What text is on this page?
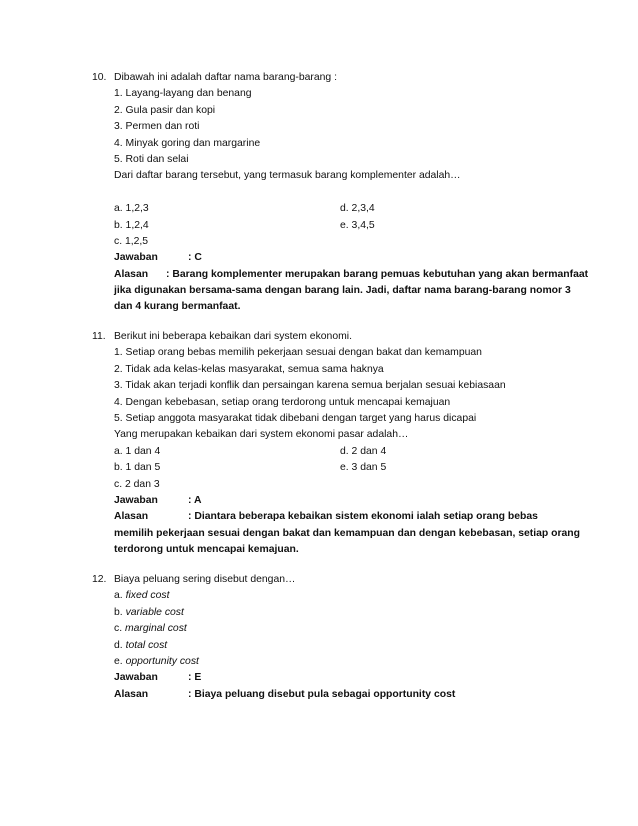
10. Dibawah ini adalah daftar nama barang-barang :
1. Layang-layang dan benang
2. Gula pasir dan kopi
3. Permen dan roti
4. Minyak goring dan margarine
5. Roti dan selai
Dari daftar barang tersebut, yang termasuk barang komplementer adalah…
a. 1,2,3	d. 2,3,4
b. 1,2,4	e. 3,4,5
c. 1,2,5
Jawaban	: C
Alasan : Barang komplementer merupakan barang pemuas kebutuhan yang akan bermanfaat
jika digunakan bersama-sama dengan barang lain. Jadi, daftar nama barang-barang nomor 3
dan 4 kurang bermanfaat.
11. Berikut ini beberapa kebaikan dari system ekonomi.
1. Setiap orang bebas memilih pekerjaan sesuai dengan bakat dan kemampuan
2. Tidak ada kelas-kelas masyarakat, semua sama haknya
3. Tidak akan terjadi konflik dan persaingan karena semua berjalan sesuai kebiasaan
4. Dengan kebebasan, setiap orang terdorong untuk mencapai kemajuan
5. Setiap anggota masyarakat tidak dibebani dengan target yang harus dicapai
Yang merupakan kebaikan dari system ekonomi pasar adalah…
a. 1 dan 4	d. 2 dan 4
b. 1 dan 5	e. 3 dan 5
c. 2 dan 3
Jawaban	: A
Alasan	: Diantara beberapa kebaikan sistem ekonomi ialah setiap orang bebas
memilih pekerjaan sesuai dengan bakat dan kemampuan dan dengan kebebasan, setiap orang
terdorong untuk mencapai kemajuan.
12. Biaya peluang sering disebut dengan…
a. fixed cost
b. variable cost
c. marginal cost
d. total cost
e. opportunity cost
Jawaban	: E
Alasan	: Biaya peluang disebut pula sebagai opportunity cost
